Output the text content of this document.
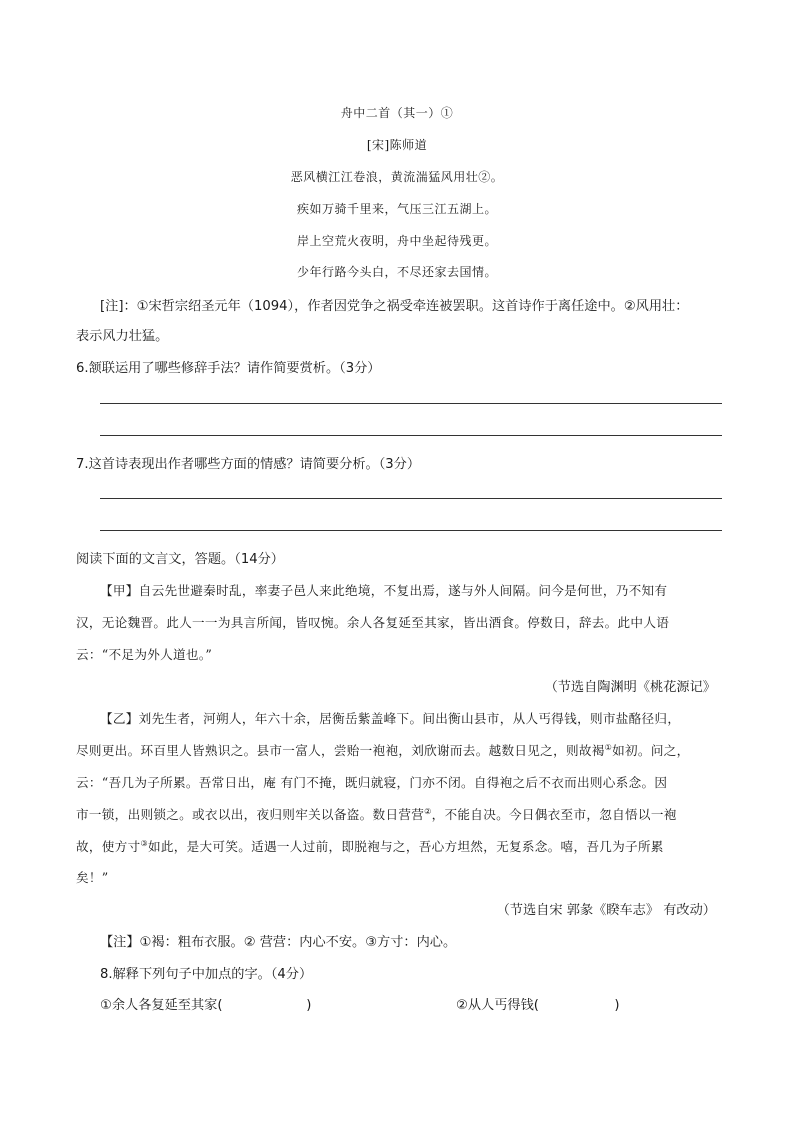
舟中二首（其一）①
[宋]陈师道
恶风横江江卷浪，黄流湍猛风用壮②。
疾如万骑千里来，气压三江五湖上。
岸上空荒火夜明，舟中坐起待残更。
少年行路今头白，不尽还家去国情。
[注]：①宋哲宗绍圣元年（1094），作者因党争之祸受牵连被罢职。这首诗作于离任途中。②风用壮：
表示风力壮猛。
6.颔联运用了哪些修辞手法？请作简要赏析。（3分）
7.这首诗表现出作者哪些方面的情感？请简要分析。（3分）
阅读下面的文言文，答题。（14分）
【甲】自云先世避秦时乱，率妻子邑人来此绝境，不复出焉，遂与外人间隔。问今是何世，乃不知有
汉，无论魏晋。此人一一为具言所闻，皆叹惋。余人各复延至其家，皆出酒食。停数日，辞去。此中人语
云：“不足为外人道也。”
（节选自陶渊明《桃花源记》
【乙】刘先生者，河朔人，年六十余，居衡岳紫盖峰下。间出衡山县市，从人丐得钱，则市盐酪径归，
尽则更出。环百里人皆熟识之。县市一富人，尝贻一袍袍，刘欣谢而去。越数日见之，则故褐①如初。问之，
云：“吾几为子所累。吾常日出，庵 有门不掩，既归就寝，门亦不闭。自得袍之后不衣而出则心系念。因
市一锁，出则锁之。或衣以出，夜归则牢关以备盗。数日营营②，不能自决。今日偶衣至市，忽自悟以一袍
故，使方寸③如此，是大可笑。适遇一人过前，即脱袍与之，吾心方坦然，无复系念。嘻，吾几为子所累
矣！”
（节选自宋 郭彖《睽车志》 有改动）
【注】①褐：粗布衣服。② 营营：内心不安。③方寸：内心。
8.解释下列句子中加点的字。（4分）
①余人各复延至其家(                    )	②从人丐得钱(                  )
